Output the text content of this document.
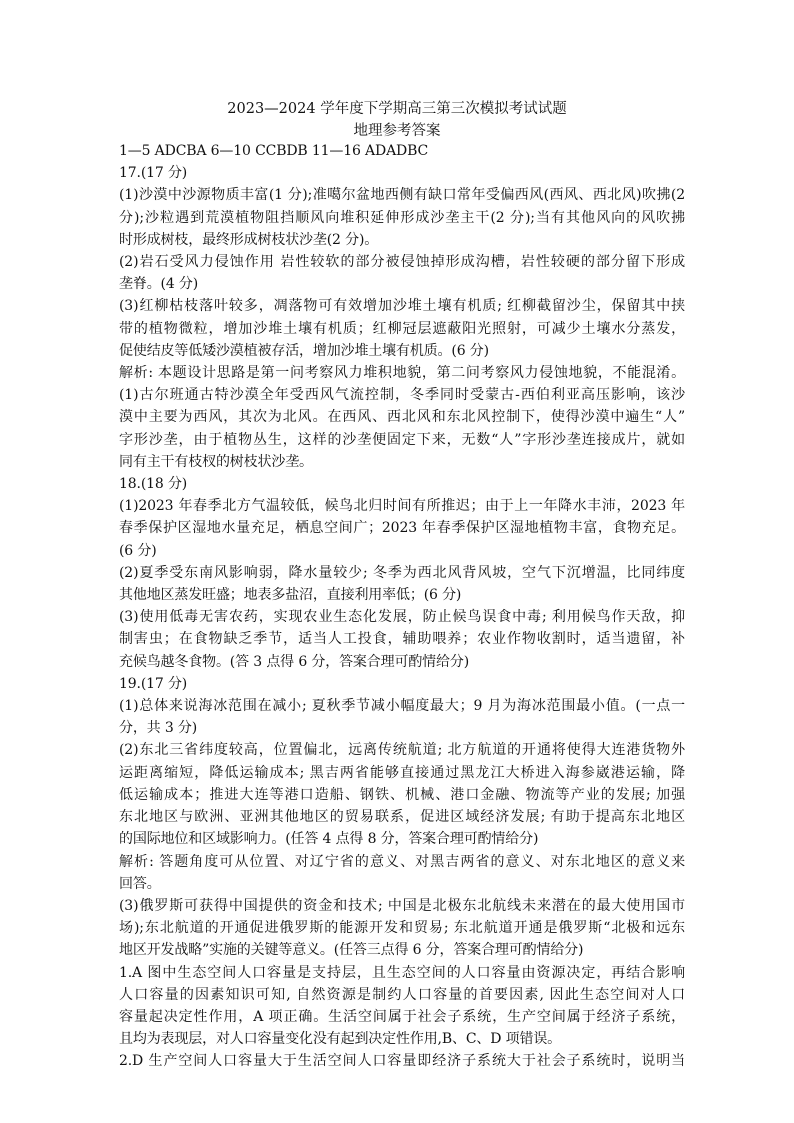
2023—2024 学年度下学期高三第三次模拟考试试题
地理参考答案

1—5 ADCBA 6—10 CCBDB 11—16 ADADBC

17.(17 分)

(1)沙漠中沙源物质丰富(1 分);准噶尔盆地西侧有缺口常年受偏西风(西风、西北风)吹拂(2

分);沙粒遇到荒漠植物阻挡顺风向堆积延伸形成沙垄主干(2 分);当有其他风向的风吹拂

时形成树枝，最终形成树枝状沙垄(2 分)。

(2)岩石受风力侵蚀作用 岩性较软的部分被侵蚀掉形成沟槽，岩性较硬的部分留下形成

垄脊。(4 分)

(3)红柳枯枝落叶较多，凋落物可有效增加沙堆土壤有机质; 红柳截留沙尘，保留其中挟

带的植物微粒，增加沙堆土壤有机质；红柳冠层遮蔽阳光照射，可减少土壤水分蒸发，

促使结皮等低矮沙漠植被存活，增加沙堆土壤有机质。(6 分)

解析: 本题设计思路是第一问考察风力堆积地貌，第二问考察风力侵蚀地貌，不能混淆。

(1)古尔班通古特沙漠全年受西风气流控制，冬季同时受蒙古-西伯利亚高压影响，该沙

漠中主要为西风，其次为北风。在西风、西北风和东北风控制下，使得沙漠中遍生“人”

字形沙垄，由于植物丛生，这样的沙垄便固定下来，无数“人”字形沙垄连接成片，就如

同有主干有枝杈的树枝状沙垄。

18.(18 分)

(1)2023 年春季北方气温较低，候鸟北归时间有所推迟；由于上一年降水丰沛，2023 年

春季保护区湿地水量充足，栖息空间广；2023 年春季保护区湿地植物丰富，食物充足。

(6 分)

(2)夏季受东南风影响弱，降水量较少; 冬季为西北风背风坡，空气下沉增温，比同纬度

其他地区蒸发旺盛；地表多盐沼，直接利用率低；(6 分)

(3)使用低毒无害农药，实现农业生态化发展，防止候鸟误食中毒; 利用候鸟作天敌，抑

制害虫；在食物缺乏季节，适当人工投食，辅助喂养；农业作物收割时，适当遗留，补

充候鸟越冬食物。(答 3 点得 6 分，答案合理可酌情给分)

19.(17 分)

(1)总体来说海冰范围在减小; 夏秋季节减小幅度最大；9 月为海冰范围最小值。(一点一

分，共 3 分)

(2)东北三省纬度较高，位置偏北，远离传统航道; 北方航道的开通将使得大连港货物外

运距离缩短，降低运输成本; 黑吉两省能够直接通过黑龙江大桥进入海参崴港运输，降

低运输成本；推进大连等港口造船、钢铁、机械、港口金融、物流等产业的发展; 加强

东北地区与欧洲、亚洲其他地区的贸易联系，促进区域经济发展; 有助于提高东北地区

的国际地位和区域影响力。(任答 4 点得 8 分，答案合理可酌情给分)

解析: 答题角度可从位置、对辽宁省的意义、对黑吉两省的意义、对东北地区的意义来

回答。

(3)俄罗斯可获得中国提供的资金和技术; 中国是北极东北航线未来潜在的最大使用国市

场);东北航道的开通促进俄罗斯的能源开发和贸易; 东北航道开通是俄罗斯“北极和远东

地区开发战略”实施的关键等意义。(任答三点得 6 分，答案合理可酌情给分)

1.A 图中生态空间人口容量是支持层，且生态空间的人口容量由资源决定，再结合影响

人口容量的因素知识可知, 自然资源是制约人口容量的首要因素, 因此生态空间对人口

容量起决定性作用，A 项正确。生活空间属于社会子系统，生产空间属于经济子系统，

且均为表现层，对人口容量变化没有起到决定性作用,B、C、D 项错误。

2.D 生产空间人口容量大于生活空间人口容量即经济子系统大于社会子系统时，说明当
